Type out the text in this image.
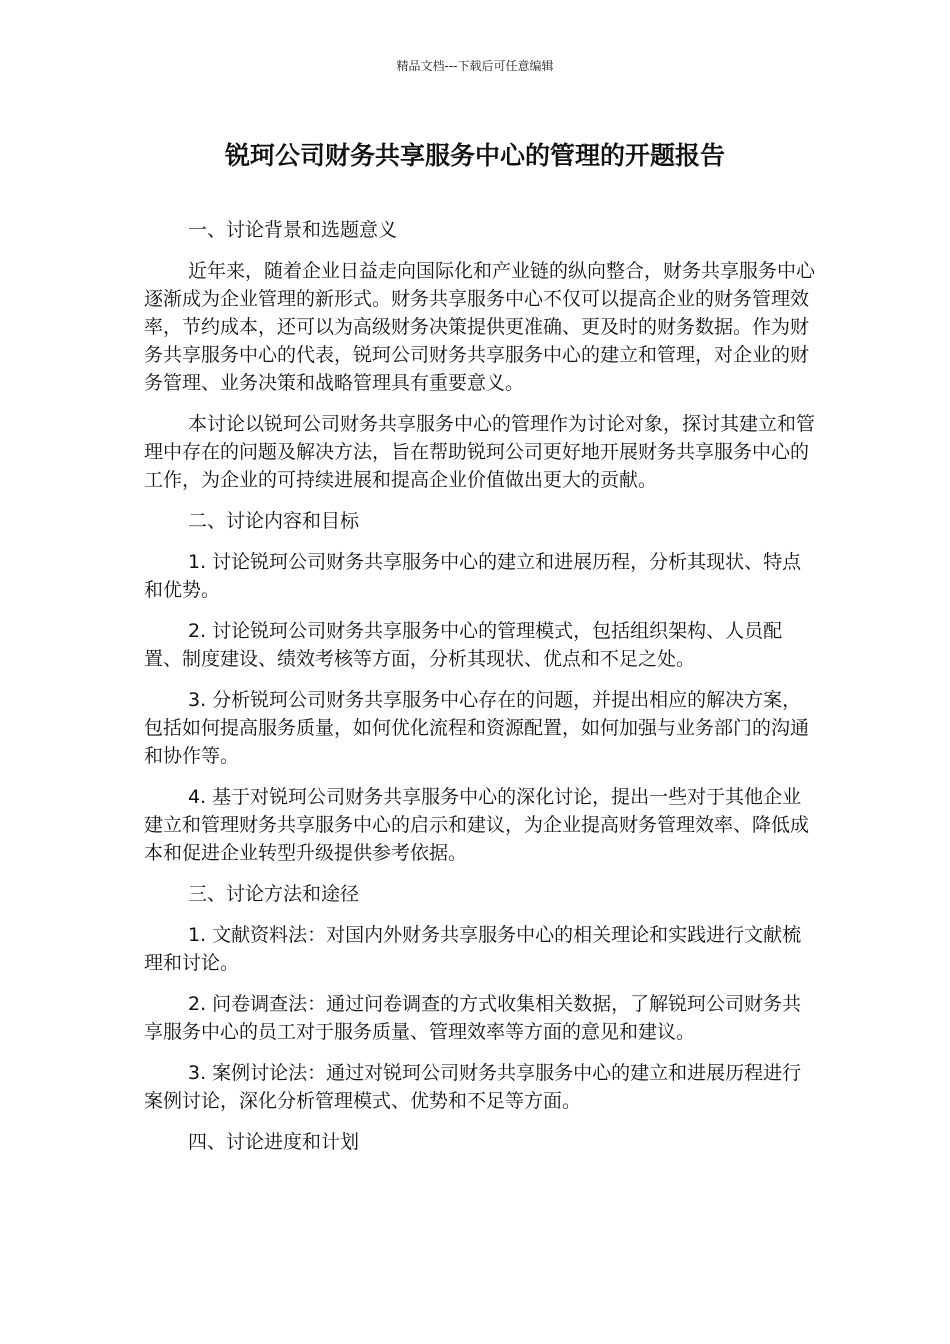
精品文档---下载后可任意编辑
锐珂公司财务共享服务中心的管理的开题报告

一、讨论背景和选题意义

近年来，随着企业日益走向国际化和产业链的纵向整合，财务共享服务中心逐渐成为企业管理的新形式。财务共享服务中心不仅可以提高企业的财务管理效率，节约成本，还可以为高级财务决策提供更准确、更及时的财务数据。作为财务共享服务中心的代表，锐珂公司财务共享服务中心的建立和管理，对企业的财务管理、业务决策和战略管理具有重要意义。

本讨论以锐珂公司财务共享服务中心的管理作为讨论对象，探讨其建立和管理中存在的问题及解决方法，旨在帮助锐珂公司更好地开展财务共享服务中心的工作，为企业的可持续进展和提高企业价值做出更大的贡献。

二、讨论内容和目标

1. 讨论锐珂公司财务共享服务中心的建立和进展历程，分析其现状、特点和优势。

2. 讨论锐珂公司财务共享服务中心的管理模式，包括组织架构、人员配置、制度建设、绩效考核等方面，分析其现状、优点和不足之处。

3. 分析锐珂公司财务共享服务中心存在的问题，并提出相应的解决方案，包括如何提高服务质量，如何优化流程和资源配置，如何加强与业务部门的沟通和协作等。

4. 基于对锐珂公司财务共享服务中心的深化讨论，提出一些对于其他企业建立和管理财务共享服务中心的启示和建议，为企业提高财务管理效率、降低成本和促进企业转型升级提供参考依据。

三、讨论方法和途径

1. 文献资料法：对国内外财务共享服务中心的相关理论和实践进行文献梳理和讨论。

2. 问卷调查法：通过问卷调查的方式收集相关数据，了解锐珂公司财务共享服务中心的员工对于服务质量、管理效率等方面的意见和建议。

3. 案例讨论法：通过对锐珂公司财务共享服务中心的建立和进展历程进行案例讨论，深化分析管理模式、优势和不足等方面。

四、讨论进度和计划
